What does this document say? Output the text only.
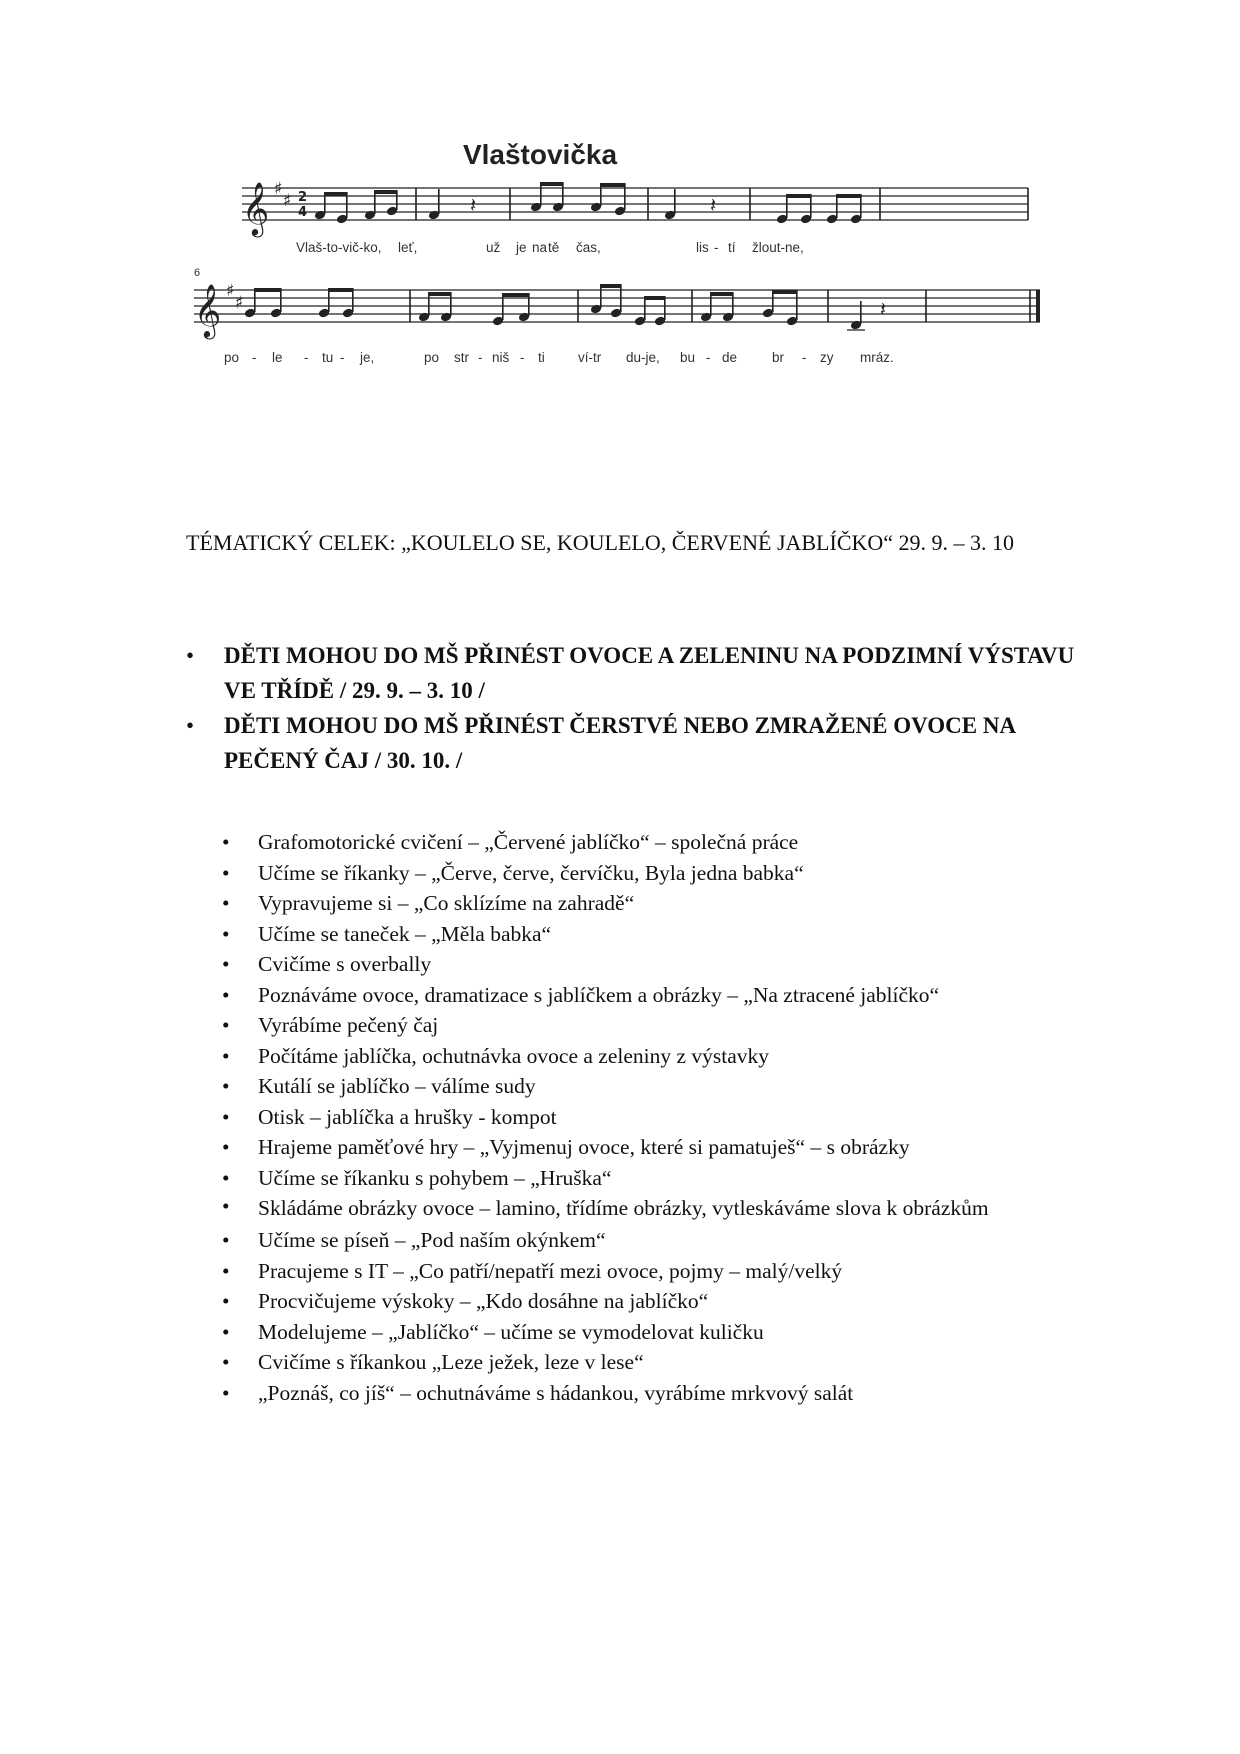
Vlaštovička
𝄞 ♯
♯ 2
4	𝄽	𝄽
Vlaš-to-vič-ko, leť,	už je na tě čas,	lis - tí žlout-ne,
6
𝄞 ♯
♯	𝄽
po - le - tu - je,	po str - niš - ti ví-tr du-je, bu - de	br - zy mráz.

TÉMATICKÝ CELEK: „KOULELO SE, KOULELO, ČERVENÉ JABLÍČKO“ 29. 9. – 3. 10

• DĚTI MOHOU DO MŠ PŘINÉST OVOCE A ZELENINU NA PODZIMNÍ VÝSTAVU VE TŘÍDĚ / 29. 9. – 3. 10 /
• DĚTI MOHOU DO MŠ PŘINÉST ČERSTVÉ NEBO ZMRAŽENÉ OVOCE NA PEČENÝ ČAJ / 30. 10. /
• Grafomotorické cvičení – „Červené jablíčko“ – společná práce
• Učíme se říkanky – „Červe, červe, červíčku, Byla jedna babka“
• Vypravujeme si – „Co sklízíme na zahradě“
• Učíme se taneček – „Měla babka“
• Cvičíme s overbally
• Poznáváme ovoce, dramatizace s jablíčkem a obrázky – „Na ztracené jablíčko“
• Vyrábíme pečený čaj
• Počítáme jablíčka, ochutnávka ovoce a zeleniny z výstavky
• Kutálí se jablíčko – válíme sudy
• Otisk – jablíčka a hrušky - kompot
• Hrajeme paměťové hry – „Vyjmenuj ovoce, které si pamatuješ“ – s obrázky
• Učíme se říkanku s pohybem – „Hruška“
• Skládáme obrázky ovoce – lamino, třídíme obrázky, vytleskáváme slova k obrázkům
• Učíme se píseň – „Pod naším okýnkem“
• Pracujeme s IT – „Co patří/nepatří mezi ovoce, pojmy – malý/velký
• Procvičujeme výskoky – „Kdo dosáhne na jablíčko“
• Modelujeme – „Jablíčko“ – učíme se vymodelovat kuličku
• Cvičíme s říkankou „Leze ježek, leze v lese“
• „Poznáš, co jíš“ – ochutnáváme s hádankou, vyrábíme mrkvový salát
